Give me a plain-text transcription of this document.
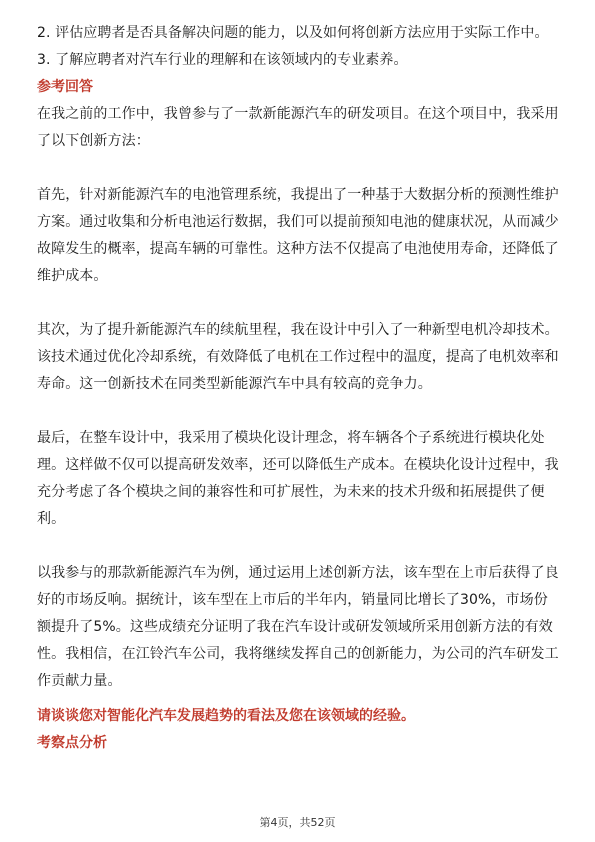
2. 评估应聘者是否具备解决问题的能力，以及如何将创新方法应用于实际工作中。
3. 了解应聘者对汽车行业的理解和在该领域内的专业素养。
参考回答
在我之前的工作中，我曾参与了一款新能源汽车的研发项目。在这个项目中，我采用了以下创新方法：
首先，针对新能源汽车的电池管理系统，我提出了一种基于大数据分析的预测性维护方案。通过收集和分析电池运行数据，我们可以提前预知电池的健康状况，从而减少故障发生的概率，提高车辆的可靠性。这种方法不仅提高了电池使用寿命，还降低了维护成本。
其次，为了提升新能源汽车的续航里程，我在设计中引入了一种新型电机冷却技术。该技术通过优化冷却系统，有效降低了电机在工作过程中的温度，提高了电机效率和寿命。这一创新技术在同类型新能源汽车中具有较高的竞争力。
最后，在整车设计中，我采用了模块化设计理念，将车辆各个子系统进行模块化处理。这样做不仅可以提高研发效率，还可以降低生产成本。在模块化设计过程中，我充分考虑了各个模块之间的兼容性和可扩展性，为未来的技术升级和拓展提供了便利。
以我参与的那款新能源汽车为例，通过运用上述创新方法，该车型在上市后获得了良好的市场反响。据统计，该车型在上市后的半年内，销量同比增长了30%，市场份额提升了5%。这些成绩充分证明了我在汽车设计或研发领域所采用创新方法的有效性。我相信，在江铃汽车公司，我将继续发挥自己的创新能力，为公司的汽车研发工作贡献力量。
请谈谈您对智能化汽车发展趋势的看法及您在该领域的经验。
考察点分析
第4页，共52页
